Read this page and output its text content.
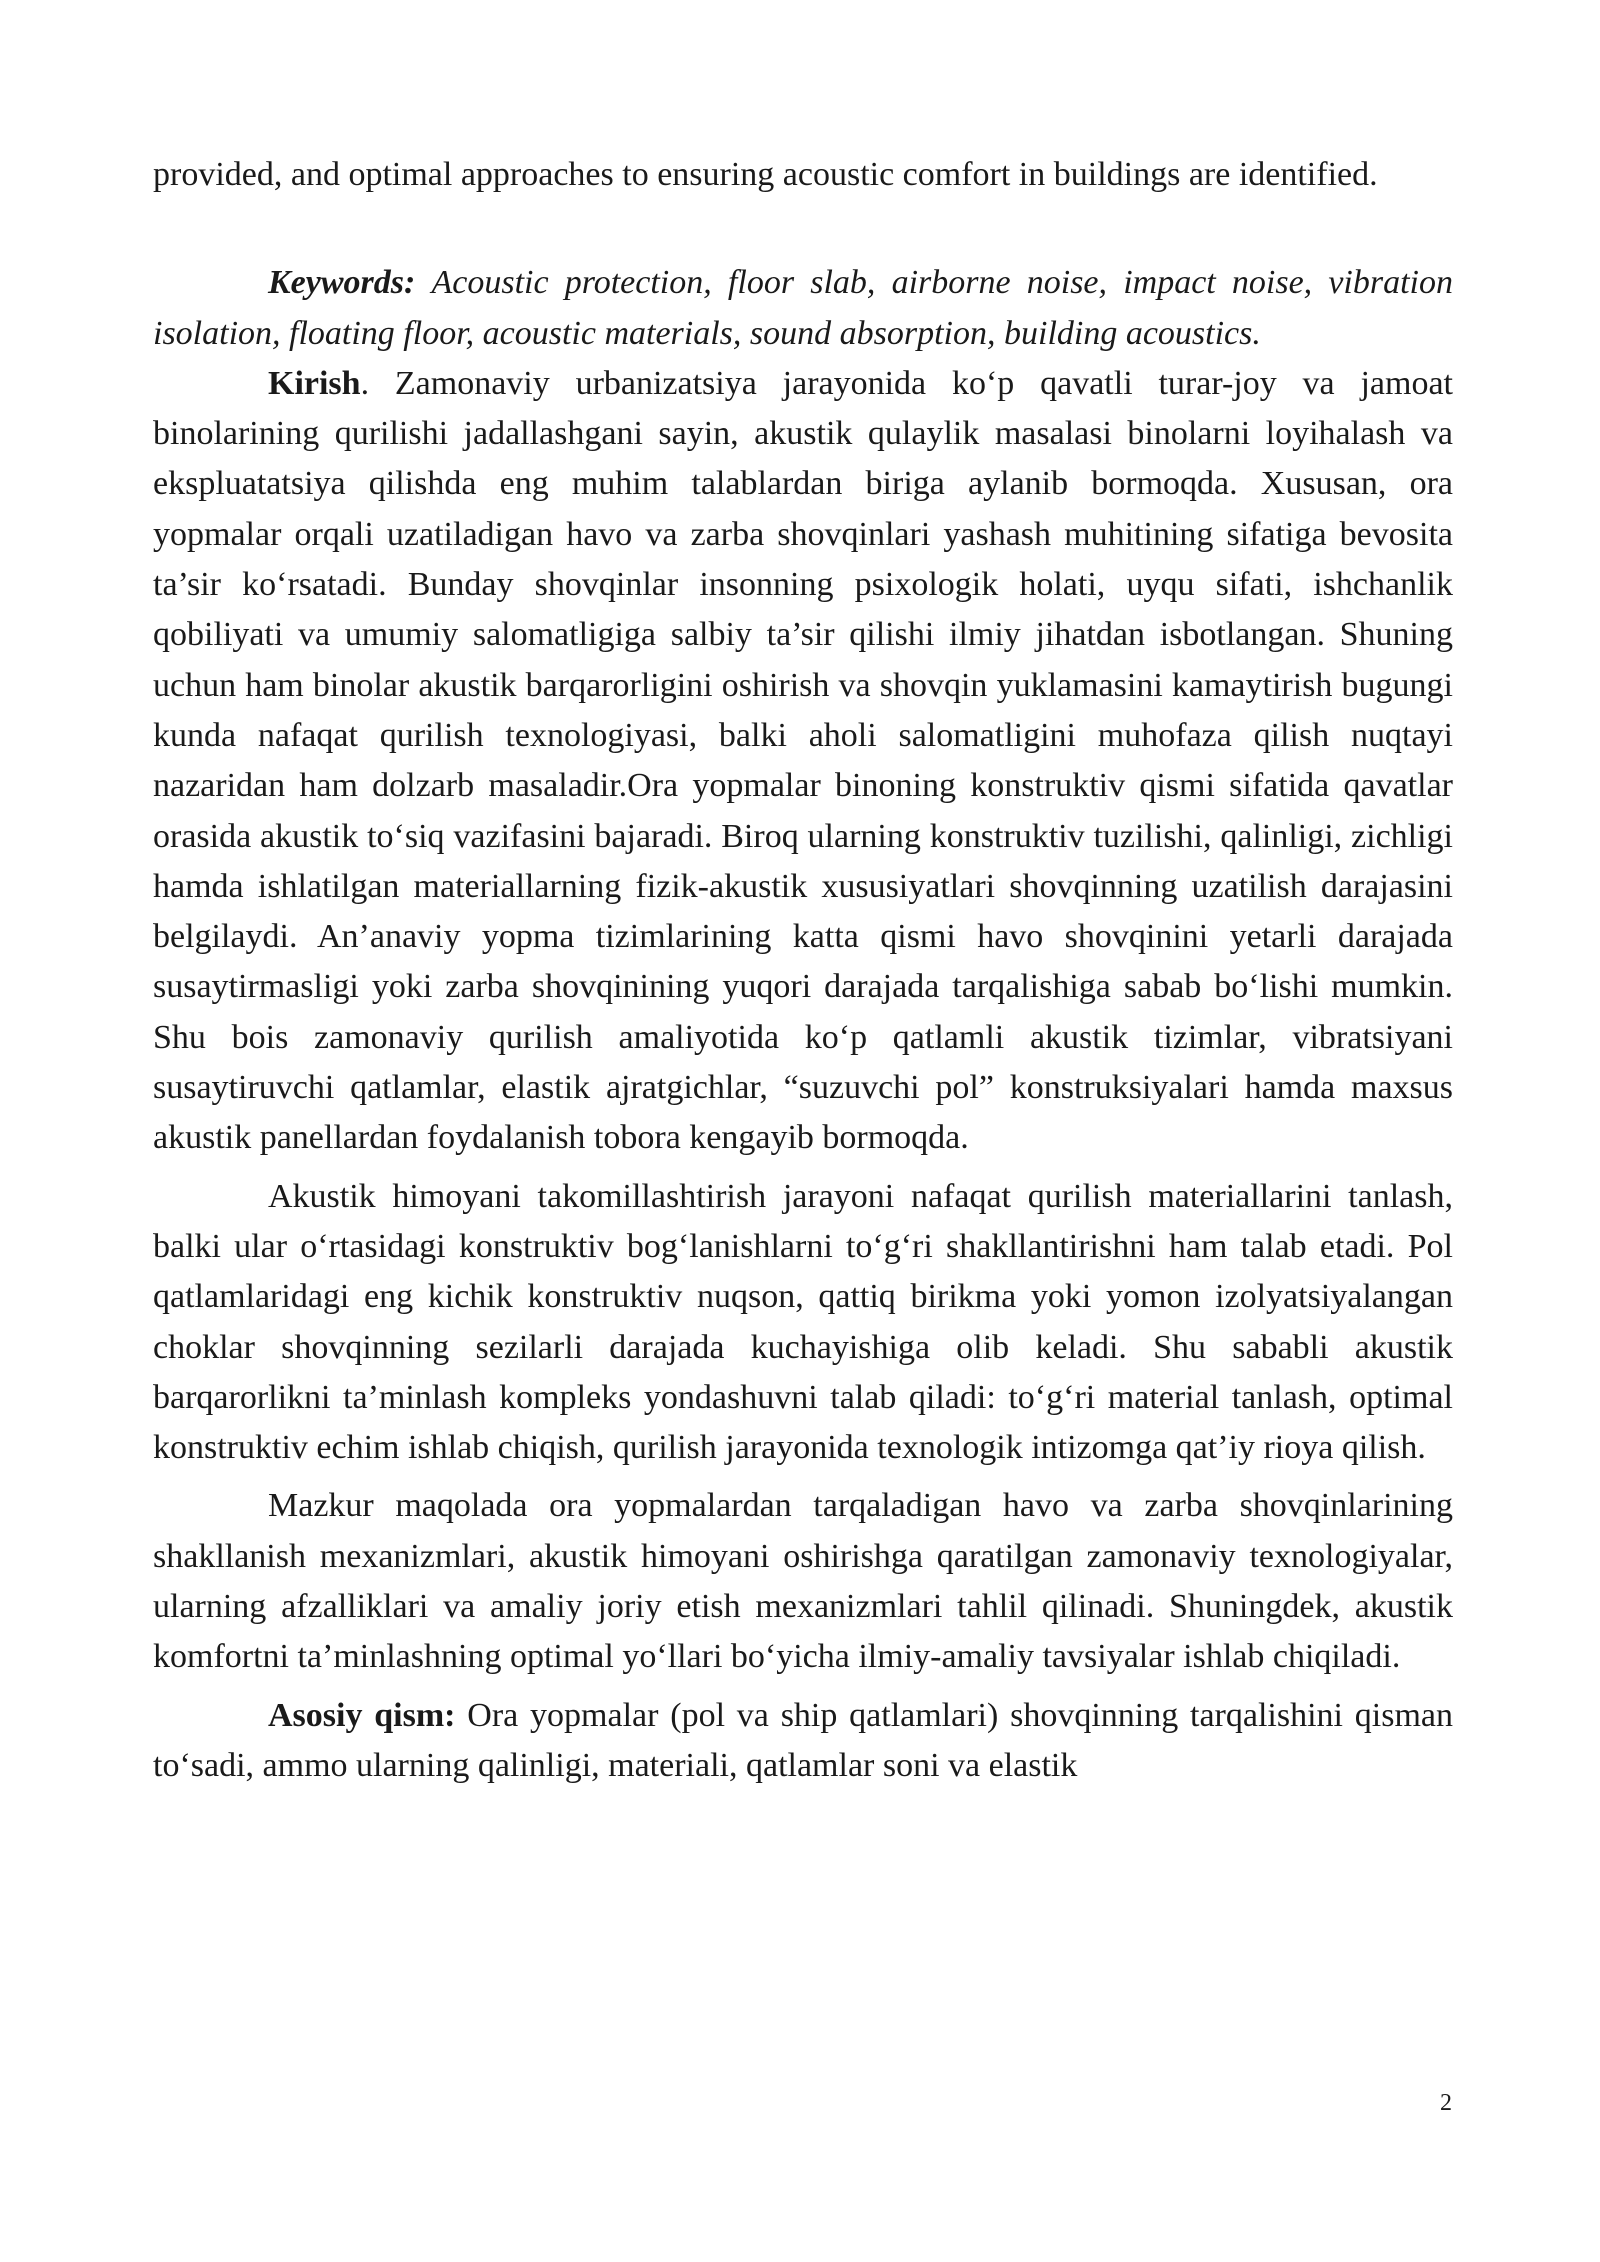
provided, and optimal approaches to ensuring acoustic comfort in buildings are identified.

Keywords: Acoustic protection, floor slab, airborne noise, impact noise, vibration isolation, floating floor, acoustic materials, sound absorption, building acoustics.

Kirish. Zamonaviy urbanizatsiya jarayonida ko‘p qavatli turar-joy va jamoat binolarining qurilishi jadallashgani sayin, akustik qulaylik masalasi binolarni loyihalash va ekspluatatsiya qilishda eng muhim talablardan biriga aylanib bormoqda. Xususan, ora yopmalar orqali uzatiladigan havo va zarba shovqinlari yashash muhitining sifatiga bevosita ta’sir ko‘rsatadi. Bunday shovqinlar insonning psixologik holati, uyqu sifati, ishchanlik qobiliyati va umumiy salomatligiga salbiy ta’sir qilishi ilmiy jihatdan isbotlangan. Shuning uchun ham binolar akustik barqarorligini oshirish va shovqin yuklamasini kamaytirish bugungi kunda nafaqat qurilish texnologiyasi, balki aholi salomatligini muhofaza qilish nuqtayi nazaridan ham dolzarb masaladir.Ora yopmalar binoning konstruktiv qismi sifatida qavatlar orasida akustik to‘siq vazifasini bajaradi. Biroq ularning konstruktiv tuzilishi, qalinligi, zichligi hamda ishlatilgan materiallarning fizik-akustik xususiyatlari shovqinning uzatilish darajasini belgilaydi. An’anaviy yopma tizimlarining katta qismi havo shovqinini yetarli darajada susaytirmasligi yoki zarba shovqinining yuqori darajada tarqalishiga sabab bo‘lishi mumkin. Shu bois zamonaviy qurilish amaliyotida ko‘p qatlamli akustik tizimlar, vibratsiyani susaytiruvchi qatlamlar, elastik ajratgichlar, “suzuvchi pol” konstruksiyalari hamda maxsus akustik panellardan foydalanish tobora kengayib bormoqda.

Akustik himoyani takomillashtirish jarayoni nafaqat qurilish materiallarini tanlash, balki ular o‘rtasidagi konstruktiv bog‘lanishlarni to‘g‘ri shakllantirishni ham talab etadi. Pol qatlamlaridagi eng kichik konstruktiv nuqson, qattiq birikma yoki yomon izolyatsiyalangan choklar shovqinning sezilarli darajada kuchayishiga olib keladi. Shu sababli akustik barqarorlikni ta’minlash kompleks yondashuvni talab qiladi: to‘g‘ri material tanlash, optimal konstruktiv echim ishlab chiqish, qurilish jarayonida texnologik intizomga qat’iy rioya qilish.

Mazkur maqolada ora yopmalardan tarqaladigan havo va zarba shovqinlarining shakllanish mexanizmlari, akustik himoyani oshirishga qaratilgan zamonaviy texnologiyalar, ularning afzalliklari va amaliy joriy etish mexanizmlari tahlil qilinadi. Shuningdek, akustik komfortni ta’minlashning optimal yo‘llari bo‘yicha ilmiy-amaliy tavsiyalar ishlab chiqiladi.

Asosiy qism: Ora yopmalar (pol va ship qatlamlari) shovqinning tarqalishini qisman to‘sadi, ammo ularning qalinligi, materiali, qatlamlar soni va elastik

2
